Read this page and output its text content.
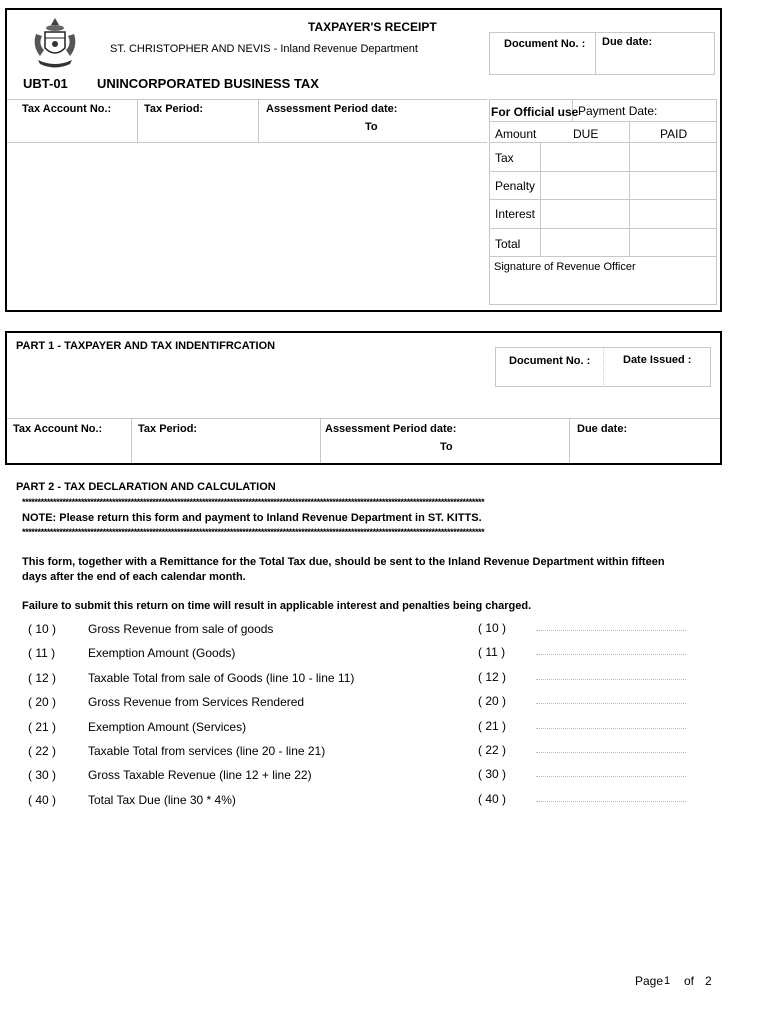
TAXPAYER'S RECEIPT
ST. CHRISTOPHER AND NEVIS - Inland Revenue Department	Document No. : Due date:
UBT-01 UNINCORPORATED BUSINESS TAX
Tax Account No.:	Tax Period:	Assessment Period date:
To
For Official use Payment Date:
Amount	DUE	PAID
Tax
Penalty
Interest
Total
Signature of Revenue Officer
PART 1 - TAXPAYER AND TAX INDENTIFRCATION
Document No. :	Date Issued :
Tax Account No.:	Tax Period:	Assessment Period date:
To
Due date:
PART 2 - TAX DECLARATION AND CALCULATION
*****************************************************************************************************************************************************
NOTE: Please return this form and payment to Inland Revenue Department in ST. KITTS.
*****************************************************************************************************************************************************
This form, together with a Remittance for the Total Tax due, should be sent to the Inland Revenue Department within fifteen
days after the end of each calendar month.
Failure to submit this return on time will result in applicable interest and penalties being charged.
( 10 )	Gross Revenue from sale of goods	( 10 )
( 11 )	Exemption Amount (Goods)	( 11 )
( 12 )	Taxable Total from sale of Goods (line 10 - line 11)	( 12 )
( 20 )	Gross Revenue from Services Rendered	( 20 )
( 21 )	Exemption Amount (Services)	( 21 )
( 22 )	Taxable Total from services (line 20 - line 21)	( 22 )
( 30 )	Gross Taxable Revenue (line 12 + line 22)	( 30 )
( 40 )	Total Tax Due (line 30 * 4%)	( 40 )
Page 1 of 2
